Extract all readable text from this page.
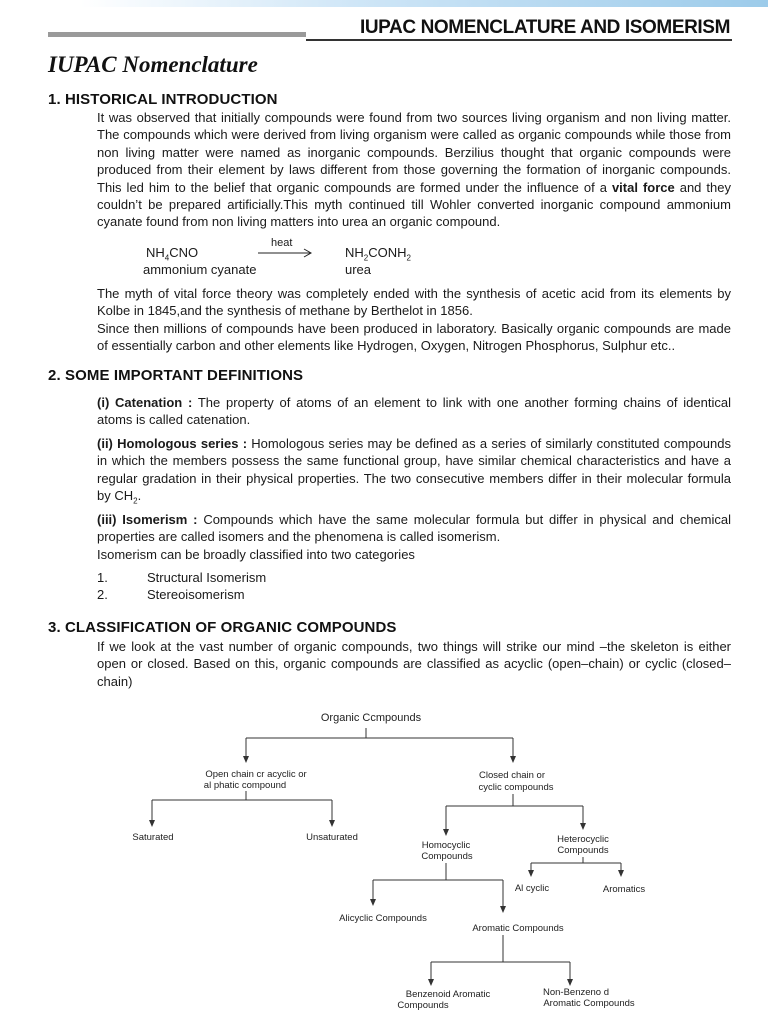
IUPAC NOMENCLATURE AND ISOMERISM
IUPAC Nomenclature
1. HISTORICAL INTRODUCTION
It was observed that initially compounds were found from two sources living organism and non living matter. The compounds which were derived from living organism were called as organic compounds while those from non living matter were named as inorganic compounds. Berzilius thought that organic compounds were produced from their element by laws different from those governing the formation of inorganic compounds. This led him to the belief that organic compounds are formed under the influence of a vital force and they couldn’t be prepared artificially.This myth continued till Wohler converted inorganic compound ammonium cyanate found from non living matters into urea an organic compound.
$NH_4CNO$
ammonium cyanate
heat
$NH_2CONH_2$
urea
The myth of vital force theory was completely ended with the synthesis of acetic acid from its elements by Kolbe in 1845,and the synthesis of methane by Berthelot in 1856.
Since then millions of compounds have been produced in laboratory. Basically organic compounds are made of essentially carbon and other elements like Hydrogen, Oxygen, Nitrogen Phosphorus, Sulphur etc..
2. SOME IMPORTANT DEFINITIONS
(i) Catenation : The property of atoms of an element to link with one another forming chains of identical atoms is called catenation.
(ii) Homologous series : Homologous series may be defined as a series of similarly constituted compounds in which the members possess the same functional group, have similar chemical characteristics and have a regular gradation in their physical properties. The two consecutive members differ in their molecular formula by $CH_2$.
(iii) Isomerism : Compounds which have the same molecular formula but differ in physical and chemical properties are called isomers and the phenomena is called isomerism.
Isomerism can be broadly classified into two categories
1.	Structural Isomerism
2.	Stereoisomerism
3. CLASSIFICATION OF ORGANIC COMPOUNDS
If we look at the vast number of organic compounds, two things will strike our mind –the skeleton is either open or closed. Based on this, organic compounds are classified as acyclic (open–chain) or cyclic (closed–chain)
Organic Ccmpounds
Open chain cr acyclic or
al phatic compound
Closed chain or
cyclic compounds
Saturated	Unsaturated
Homocyclic
Compounds
Heterocyclic
Compounds
Al cyclic	Aromatics
Alicyclic Compounds
Aromatic Compounds
Benzenoid Aromatic
Compounds
Non-Benzeno d
Aromatic Compounds
